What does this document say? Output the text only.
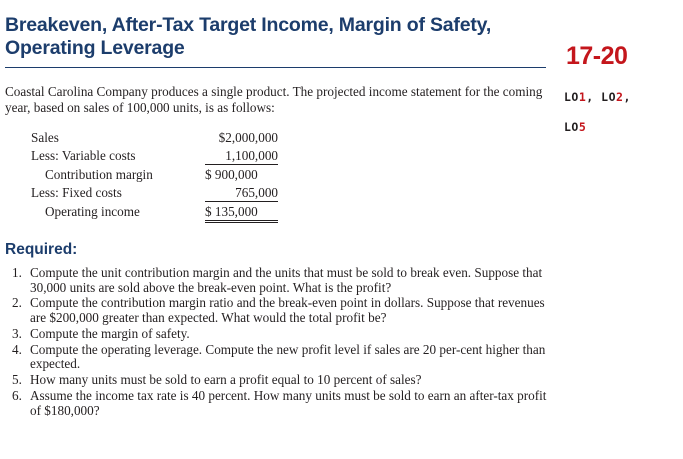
Breakeven, After-Tax Target Income, Margin of Safety,
Operating Leverage	17-20
LO1, LO2,
LO5
Coastal Carolina Company produces a single product. The projected income statement for the coming year, based on sales of 100,000 units, is as follows:
Sales	$2,000,000
Less: Variable costs	1,100,000
Contribution margin	$ 900,000
Less: Fixed costs	765,000
Operating income	$ 135,000
Required:
1. Compute the unit contribution margin and the units that must be sold to break even. Suppose that 30,000 units are sold above the break-even point. What is the profit?
2. Compute the contribution margin ratio and the break-even point in dollars. Suppose that revenues are $200,000 greater than expected. What would the total profit be?
3. Compute the margin of safety.
4. Compute the operating leverage. Compute the new profit level if sales are 20 per-cent higher than expected.
5. How many units must be sold to earn a profit equal to 10 percent of sales?
6. Assume the income tax rate is 40 percent. How many units must be sold to earn an after-tax profit of $180,000?
